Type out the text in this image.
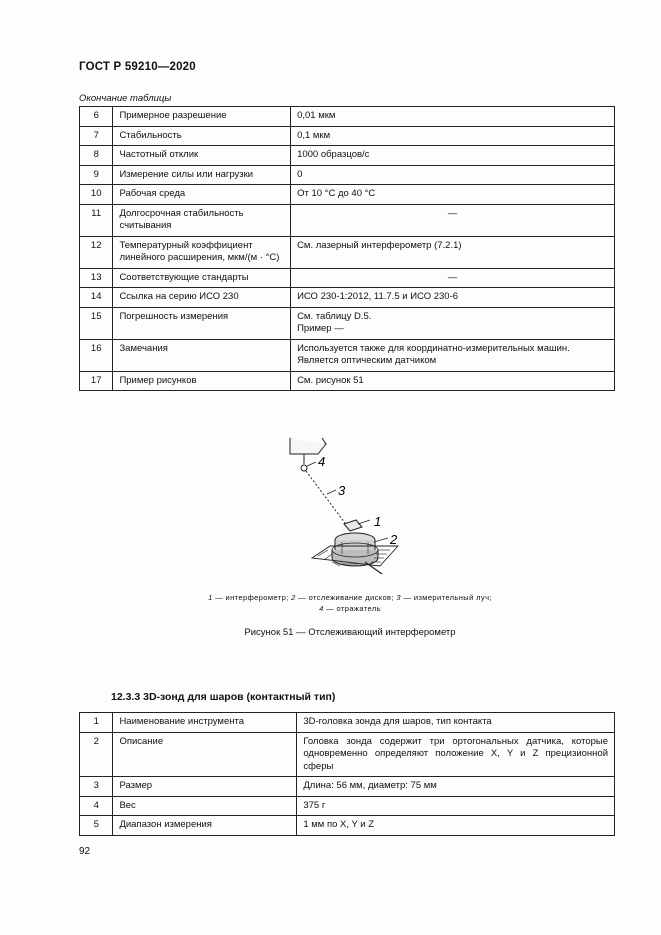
ГОСТ Р 59210—2020
Окончание таблицы
6	Примерное разрешение	0,01 мкм
7	Стабильность	0,1 мкм
8	Частотный отклик	1000 образцов/с
9	Измерение силы или нагрузки	0
10	Рабочая среда	От 10 °С до 40 °С
11	Долгосрочная стабильность считывания	—
12	Температурный коэффициент линейного расширения, мкм/(м · °С)	См. лазерный интерферометр (7.2.1)
13	Соответствующие стандарты	—
14	Ссылка на серию ИСО 230	ИСО 230-1:2012, 11.7.5 и ИСО 230-6
15	Погрешность измерения	См. таблицу D.5.

Пример —

16	Замечания	Используется также для координатно-измерительных машин.

Является оптическим датчиком

17	Пример рисунков	См. рисунок 51
4
3
1
2
1 — интерферометр; 2 — отслеживание дисков; 3 — измерительный луч;
4 — отражатель
Рисунок 51 — Отслеживающий интерферометр
12.3.3 3D-зонд для шаров (контактный тип)
1	Наименование инструмента	3D-головка зонда для шаров, тип контакта
2	Описание	Головка зонда содержит три ортогональных датчика, которые одновременно определяют положение X, Y и Z прецизионной сферы
3	Размер	Длина: 56 мм, диаметр: 75 мм
4	Вес	375 г
5	Диапазон измерения	1 мм по X, Y и Z
92
